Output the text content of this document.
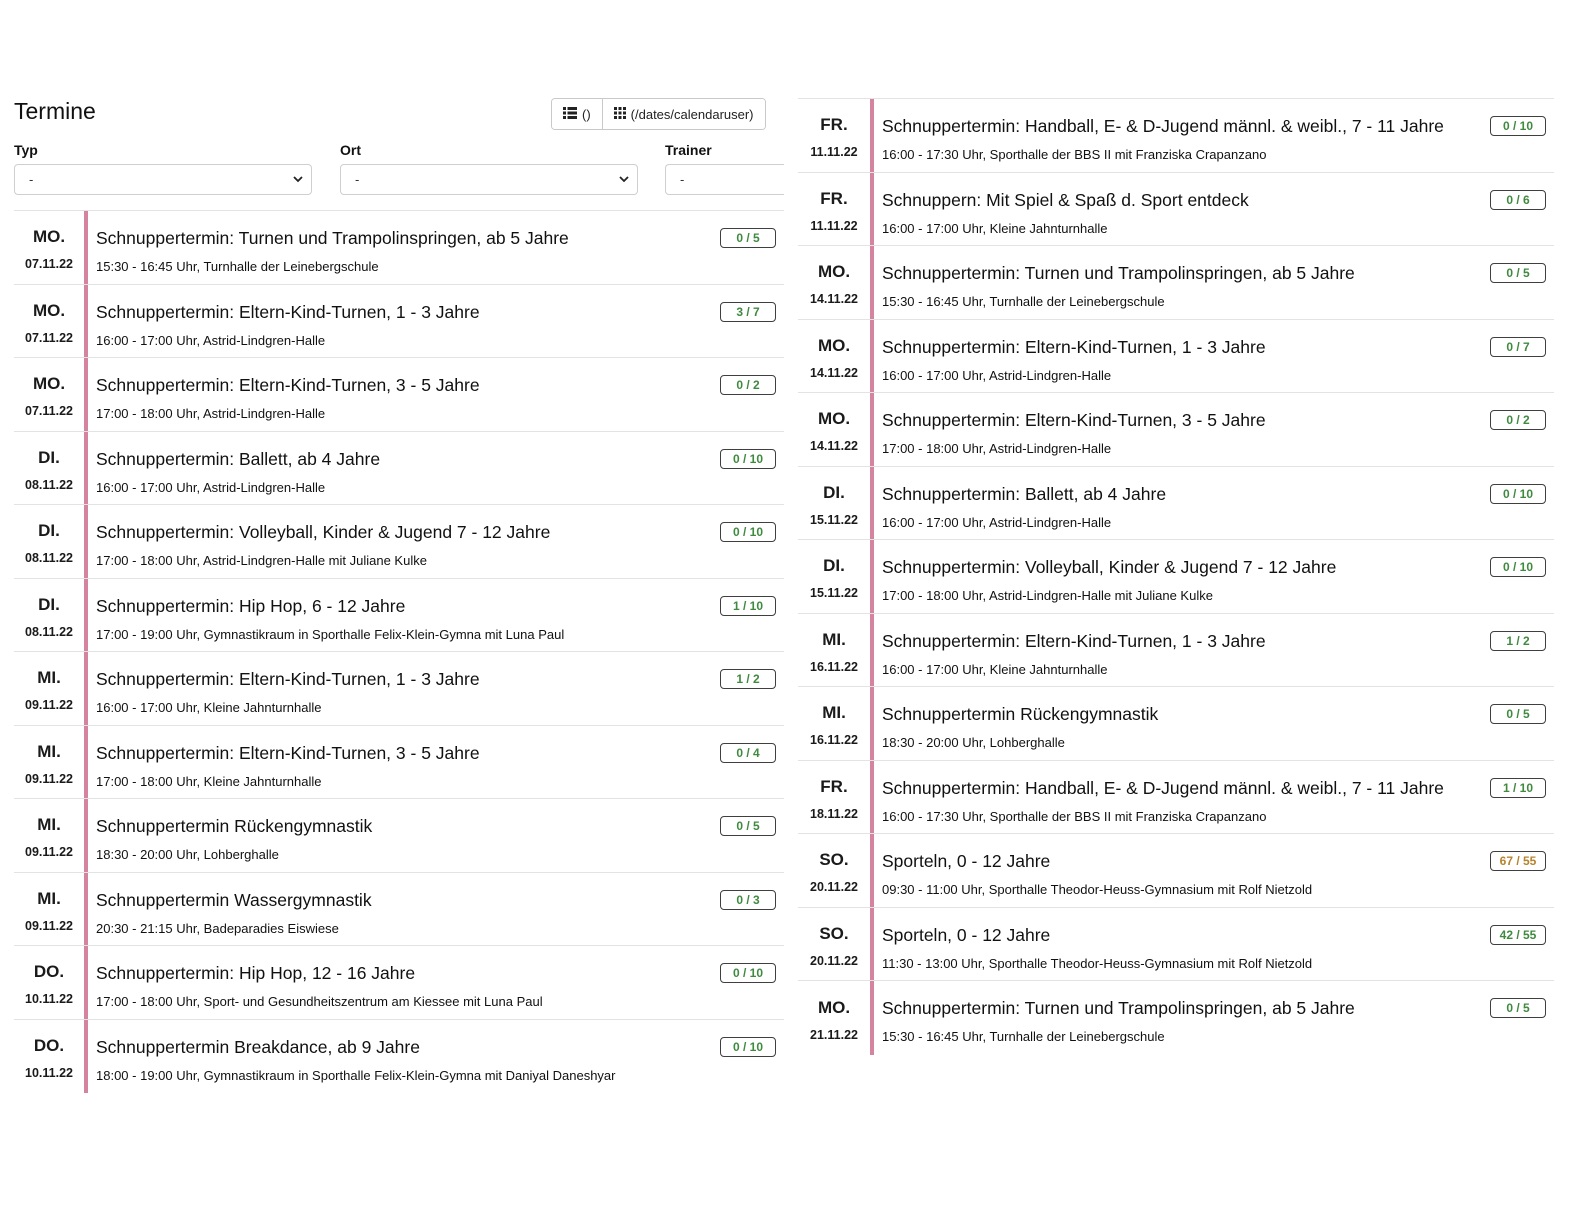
Termine	()	(/dates/calendaruser)
Typ
-
Ort
-
Trainer
-
MO.
07.11.22
Schnuppertermin: Turnen und Trampolinspringen, ab 5 Jahre
15:30 - 16:45 Uhr, Turnhalle der Leinebergschule
0 / 5
MO.
07.11.22
Schnuppertermin: Eltern-Kind-Turnen, 1 - 3 Jahre
16:00 - 17:00 Uhr, Astrid-Lindgren-Halle
3 / 7
MO.
07.11.22
Schnuppertermin: Eltern-Kind-Turnen, 3 - 5 Jahre
17:00 - 18:00 Uhr, Astrid-Lindgren-Halle
0 / 2
DI.
08.11.22
Schnuppertermin: Ballett, ab 4 Jahre
16:00 - 17:00 Uhr, Astrid-Lindgren-Halle
0 / 10
DI.
08.11.22
Schnuppertermin: Volleyball, Kinder & Jugend 7 - 12 Jahre
17:00 - 18:00 Uhr, Astrid-Lindgren-Halle mit Juliane Kulke
0 / 10
DI.
08.11.22
Schnuppertermin: Hip Hop, 6 - 12 Jahre
17:00 - 19:00 Uhr, Gymnastikraum in Sporthalle Felix-Klein-Gymna mit Luna Paul
1 / 10
MI.
09.11.22
Schnuppertermin: Eltern-Kind-Turnen, 1 - 3 Jahre
16:00 - 17:00 Uhr, Kleine Jahnturnhalle
1 / 2
MI.
09.11.22
Schnuppertermin: Eltern-Kind-Turnen, 3 - 5 Jahre
17:00 - 18:00 Uhr, Kleine Jahnturnhalle
0 / 4
MI.
09.11.22
Schnuppertermin Rückengymnastik
18:30 - 20:00 Uhr, Lohberghalle
0 / 5
MI.
09.11.22
Schnuppertermin Wassergymnastik
20:30 - 21:15 Uhr, Badeparadies Eiswiese
0 / 3
DO.
10.11.22
Schnuppertermin: Hip Hop, 12 - 16 Jahre
17:00 - 18:00 Uhr, Sport- und Gesundheitszentrum am Kiessee mit Luna Paul
0 / 10
DO.
10.11.22
Schnuppertermin Breakdance, ab 9 Jahre
18:00 - 19:00 Uhr, Gymnastikraum in Sporthalle Felix-Klein-Gymna mit Daniyal Daneshyar
0 / 10
FR.
11.11.22
Schnuppertermin: Handball, E- & D-Jugend männl. & weibl., 7 - 11 Jahre
16:00 - 17:30 Uhr, Sporthalle der BBS II mit Franziska Crapanzano
0 / 10
FR.
11.11.22
Schnuppern: Mit Spiel & Spaß d. Sport entdeck
16:00 - 17:00 Uhr, Kleine Jahnturnhalle
0 / 6
MO.
14.11.22
Schnuppertermin: Turnen und Trampolinspringen, ab 5 Jahre
15:30 - 16:45 Uhr, Turnhalle der Leinebergschule
0 / 5
MO.
14.11.22
Schnuppertermin: Eltern-Kind-Turnen, 1 - 3 Jahre
16:00 - 17:00 Uhr, Astrid-Lindgren-Halle
0 / 7
MO.
14.11.22
Schnuppertermin: Eltern-Kind-Turnen, 3 - 5 Jahre
17:00 - 18:00 Uhr, Astrid-Lindgren-Halle
0 / 2
DI.
15.11.22
Schnuppertermin: Ballett, ab 4 Jahre
16:00 - 17:00 Uhr, Astrid-Lindgren-Halle
0 / 10
DI.
15.11.22
Schnuppertermin: Volleyball, Kinder & Jugend 7 - 12 Jahre
17:00 - 18:00 Uhr, Astrid-Lindgren-Halle mit Juliane Kulke
0 / 10
MI.
16.11.22
Schnuppertermin: Eltern-Kind-Turnen, 1 - 3 Jahre
16:00 - 17:00 Uhr, Kleine Jahnturnhalle
1 / 2
MI.
16.11.22
Schnuppertermin Rückengymnastik
18:30 - 20:00 Uhr, Lohberghalle
0 / 5
FR.
18.11.22
Schnuppertermin: Handball, E- & D-Jugend männl. & weibl., 7 - 11 Jahre
16:00 - 17:30 Uhr, Sporthalle der BBS II mit Franziska Crapanzano
1 / 10
SO.
20.11.22
Sporteln, 0 - 12 Jahre
09:30 - 11:00 Uhr, Sporthalle Theodor-Heuss-Gymnasium mit Rolf Nietzold
67 / 55
SO.
20.11.22
Sporteln, 0 - 12 Jahre
11:30 - 13:00 Uhr, Sporthalle Theodor-Heuss-Gymnasium mit Rolf Nietzold
42 / 55
MO.
21.11.22
Schnuppertermin: Turnen und Trampolinspringen, ab 5 Jahre
15:30 - 16:45 Uhr, Turnhalle der Leinebergschule
0 / 5
